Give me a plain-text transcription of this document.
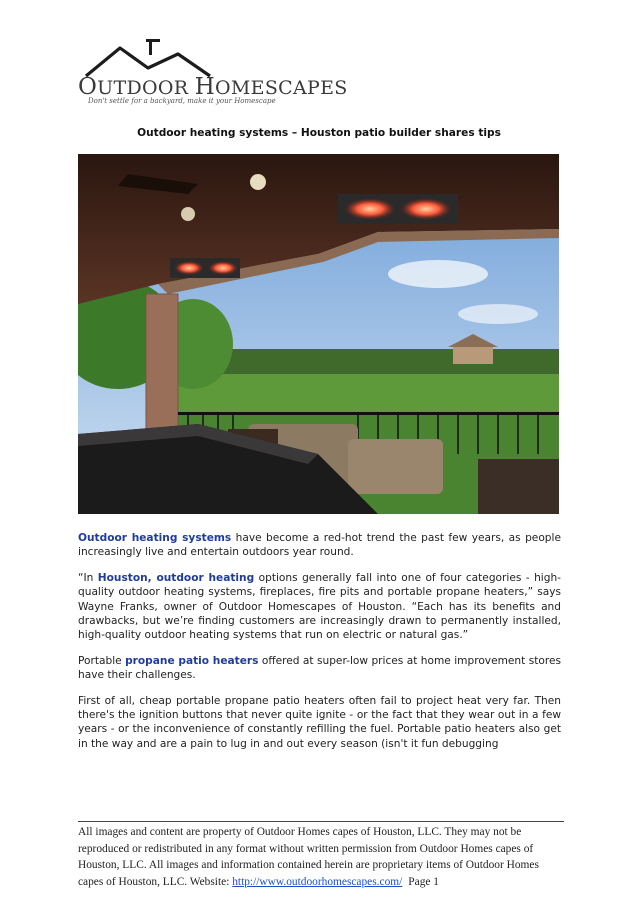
OUTDOOR HOMESCAPES
Don't settle for a backyard, make it your Homescape
Outdoor heating systems – Houston patio builder shares tips

Outdoor heating systems have become a red-hot trend the past few years, as people increasingly live and entertain outdoors year round.

“In Houston, outdoor heating options generally fall into one of four categories - high-quality outdoor heating systems, fireplaces, fire pits and portable propane heaters,” says Wayne Franks, owner of Outdoor Homescapes of Houston. “Each has its benefits and drawbacks, but we’re finding customers are increasingly drawn to permanently installed, high-quality outdoor heating systems that run on electric or natural gas.”

Portable propane patio heaters offered at super-low prices at home improvement stores have their challenges.

First of all, cheap portable propane patio heaters often fail to project heat very far. Then there's the ignition buttons that never quite ignite - or the fact that they wear out in a few years - or the inconvenience of constantly refilling the fuel. Portable patio heaters also get in the way and are a pain to lug in and out every season (isn't it fun debugging

All images and content are property of Outdoor Homes capes of Houston, LLC. They may not be reproduced or redistributed in any format without written permission from Outdoor Homes capes of Houston, LLC. All images and information contained herein are proprietary items of Outdoor Homes capes of Houston, LLC. Website: http://www.outdoorhomescapes.com/ Page 1
